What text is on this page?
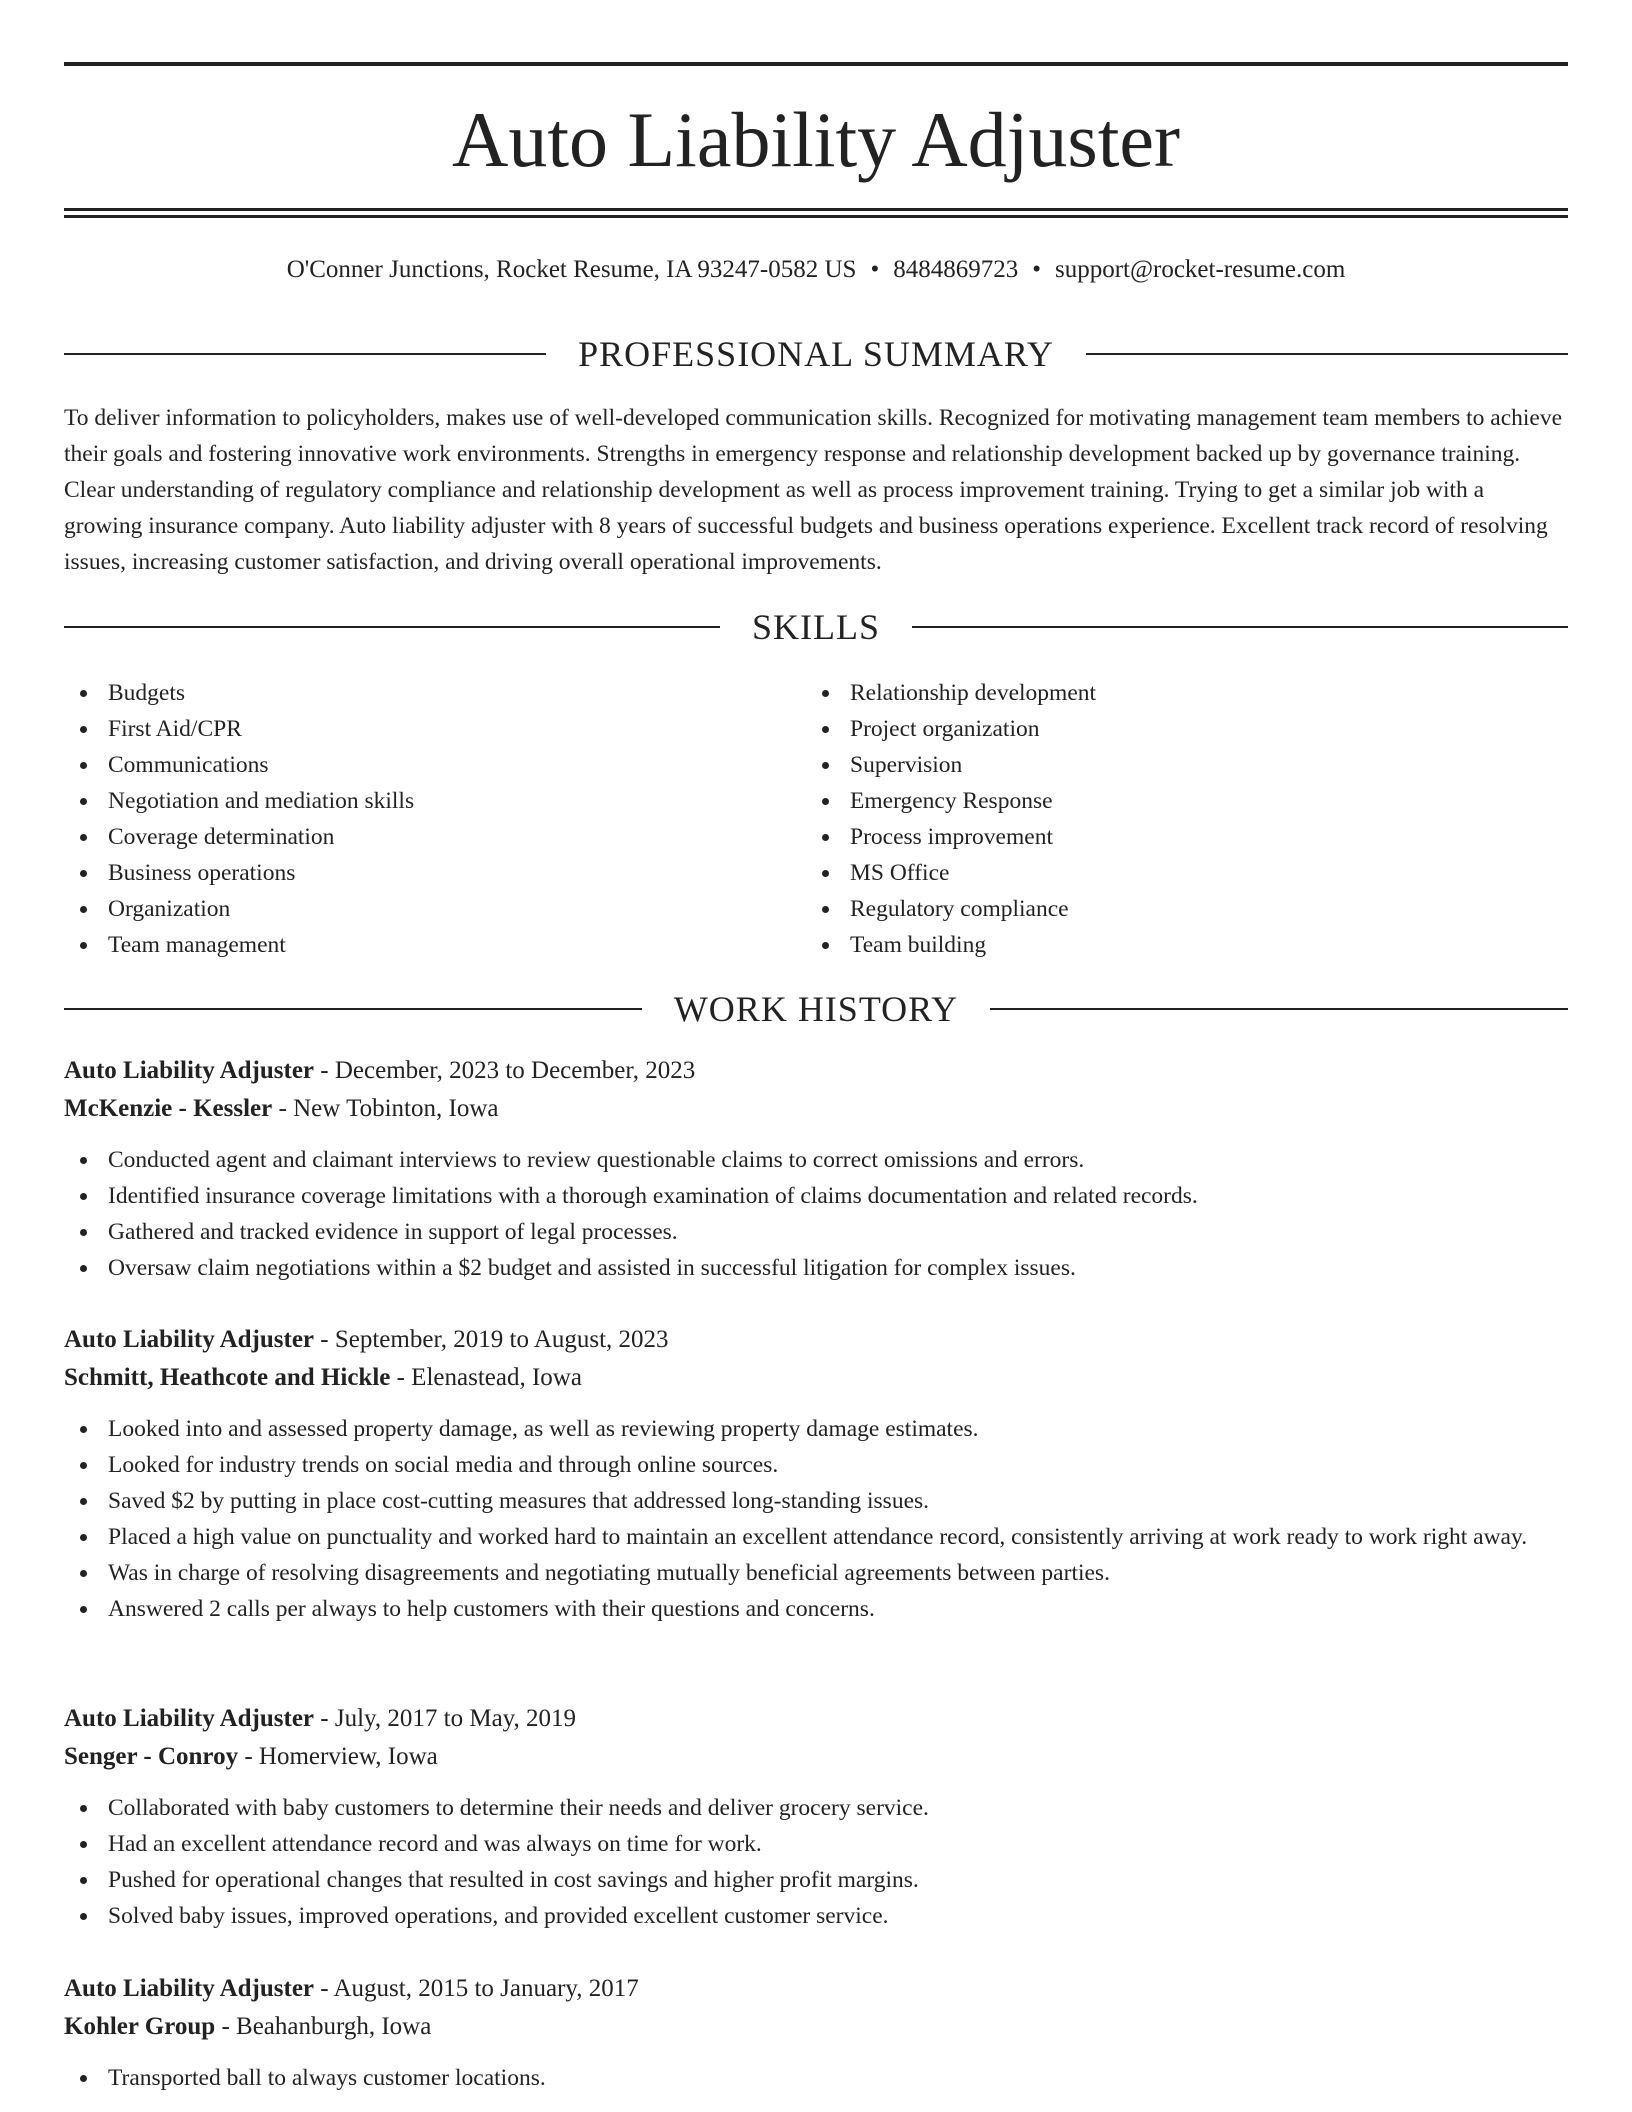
Auto Liability Adjuster
O'Conner Junctions, Rocket Resume, IA 93247-0582 US • 8484869723 • support@rocket-resume.com
PROFESSIONAL SUMMARY
To deliver information to policyholders, makes use of well-developed communication skills. Recognized for motivating management team members to achieve their goals and fostering innovative work environments. Strengths in emergency response and relationship development backed up by governance training. Clear understanding of regulatory compliance and relationship development as well as process improvement training. Trying to get a similar job with a growing insurance company. Auto liability adjuster with 8 years of successful budgets and business operations experience. Excellent track record of resolving issues, increasing customer satisfaction, and driving overall operational improvements.
SKILLS
Budgets
First Aid/CPR
Communications
Negotiation and mediation skills
Coverage determination
Business operations
Organization
Team management
Relationship development
Project organization
Supervision
Emergency Response
Process improvement
MS Office
Regulatory compliance
Team building
WORK HISTORY
Auto Liability Adjuster - December, 2023 to December, 2023
McKenzie - Kessler - New Tobinton, Iowa
Conducted agent and claimant interviews to review questionable claims to correct omissions and errors.
Identified insurance coverage limitations with a thorough examination of claims documentation and related records.
Gathered and tracked evidence in support of legal processes.
Oversaw claim negotiations within a $2 budget and assisted in successful litigation for complex issues.
Auto Liability Adjuster - September, 2019 to August, 2023
Schmitt, Heathcote and Hickle - Elenastead, Iowa
Looked into and assessed property damage, as well as reviewing property damage estimates.
Looked for industry trends on social media and through online sources.
Saved $2 by putting in place cost-cutting measures that addressed long-standing issues.
Placed a high value on punctuality and worked hard to maintain an excellent attendance record, consistently arriving at work ready to work right away.
Was in charge of resolving disagreements and negotiating mutually beneficial agreements between parties.
Answered 2 calls per always to help customers with their questions and concerns.
Auto Liability Adjuster - July, 2017 to May, 2019
Senger - Conroy - Homerview, Iowa
Collaborated with baby customers to determine their needs and deliver grocery service.
Had an excellent attendance record and was always on time for work.
Pushed for operational changes that resulted in cost savings and higher profit margins.
Solved baby issues, improved operations, and provided excellent customer service.
Auto Liability Adjuster - August, 2015 to January, 2017
Kohler Group - Beahanburgh, Iowa
Transported ball to always customer locations.
